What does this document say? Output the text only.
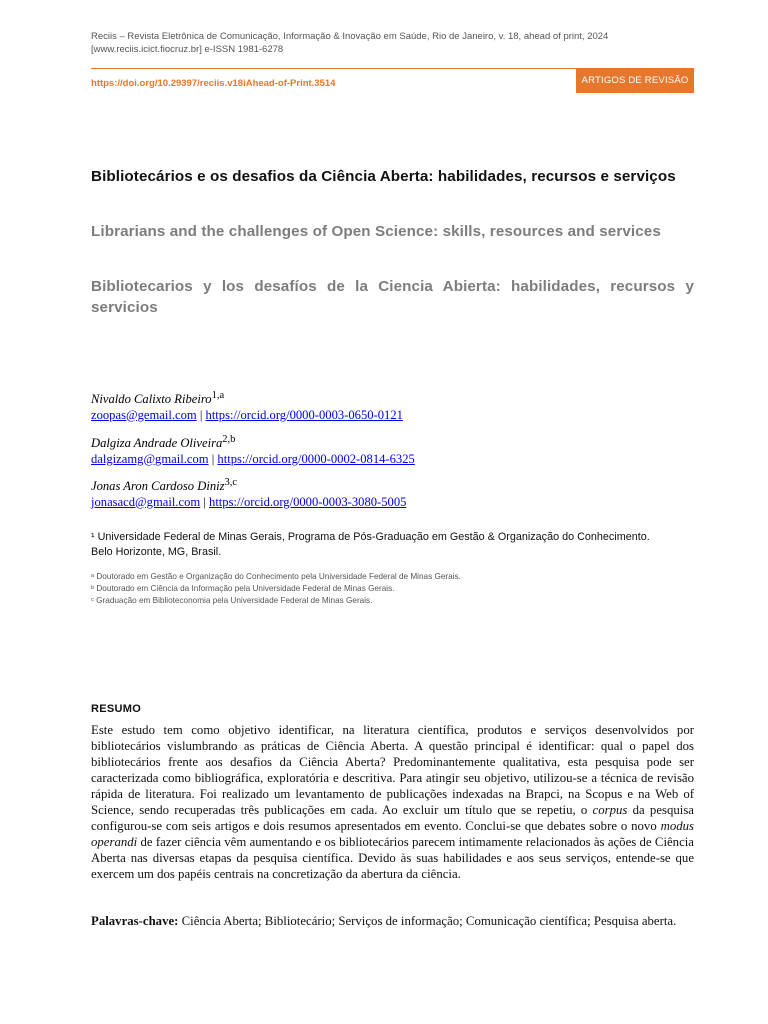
Reciis – Revista Eletrônica de Comunicação, Informação & Inovação em Saúde, Rio de Janeiro, v. 18, ahead of print, 2024
[www.reciis.icict.fiocruz.br] e-ISSN 1981-6278
https://doi.org/10.29397/reciis.v18iAhead-of-Print.3514	ARTIGOS DE REVISÃO
Bibliotecários e os desafios da Ciência Aberta: habilidades, recursos e serviços
Librarians and the challenges of Open Science: skills, resources and services
Bibliotecarios y los desafíos de la Ciencia Abierta: habilidades, recursos y servicios
Nivaldo Calixto Ribeiro$^{1,a}$
zoopas@gemail.com | https://orcid.org/0000-0003-0650-0121
Dalgiza Andrade Oliveira$^{2,b}$
dalgizamg@gmail.com | https://orcid.org/0000-0002-0814-6325
Jonas Aron Cardoso Diniz$^{3,c}$
jonasacd@gmail.com | https://orcid.org/0000-0003-3080-5005
¹ Universidade Federal de Minas Gerais, Programa de Pós-Graduação em Gestão & Organização do Conhecimento.
Belo Horizonte, MG, Brasil.
ᵃ Doutorado em Gestão e Organização do Conhecimento pela Universidade Federal de Minas Gerais.
ᵇ Doutorado em Ciência da Informação pela Universidade Federal de Minas Gerais.
ᶜ Graduação em Biblioteconomia pela Universidade Federal de Minas Gerais.
RESUMO

Este estudo tem como objetivo identificar, na literatura científica, produtos e serviços desenvolvidos por bibliotecários vislumbrando as práticas de Ciência Aberta. A questão principal é identificar: qual o papel dos bibliotecários frente aos desafios da Ciência Aberta? Predominantemente qualitativa, esta pesquisa pode ser caracterizada como bibliográfica, exploratória e descritiva. Para atingir seu objetivo, utilizou-se a técnica de revisão rápida de literatura. Foi realizado um levantamento de publicações indexadas na Brapci, na Scopus e na Web of Science, sendo recuperadas três publicações em cada. Ao excluir um título que se repetiu, o corpus da pesquisa configurou-se com seis artigos e dois resumos apresentados em evento. Conclui-se que debates sobre o novo modus operandi de fazer ciência vêm aumentando e os bibliotecários parecem intimamente relacionados às ações de Ciência Aberta nas diversas etapas da pesquisa científica. Devido às suas habilidades e aos seus serviços, entende-se que exercem um dos papéis centrais na concretização da abertura da ciência.

Palavras-chave: Ciência Aberta; Bibliotecário; Serviços de informação; Comunicação científica; Pesquisa aberta.
